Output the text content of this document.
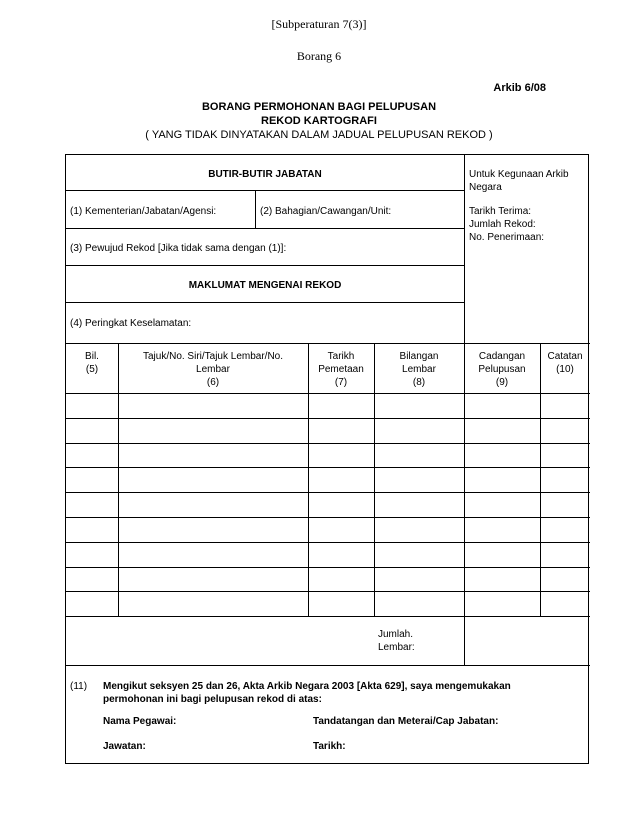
[Subperaturan 7(3)]
Borang 6
Arkib 6/08
BORANG PERMOHONAN BAGI PELUPUSAN
REKOD KARTOGRAFI
( YANG TIDAK DINYATAKAN DALAM JADUAL PELUPUSAN REKOD )
BUTIR-BUTIR JABATAN
(1) Kementerian/Jabatan/Agensi:	(2) Bahagian/Cawangan/Unit:
(3) Pewujud Rekod [Jika tidak sama dengan (1)]:
MAKLUMAT MENGENAI REKOD
(4) Peringkat Keselamatan:
Untuk Kegunaan Arkib
Negara
Tarikh Terima:
Jumlah Rekod:
No. Penerimaan:
Bil.
(5)
Tajuk/No. Siri/Tajuk Lembar/No.
Lembar
(6)
Tarikh
Pemetaan
(7)
Bilangan
Lembar
(8)
Cadangan
Pelupusan
(9)
Catatan
(10)
Jumlah.
Lembar:
(11) Mengikut seksyen 25 dan 26, Akta Arkib Negara 2003 [Akta 629], saya mengemukakan
permohonan ini bagi pelupusan rekod di atas:
Nama Pegawai:	Tandatangan dan Meterai/Cap Jabatan:
Jawatan:	Tarikh:
